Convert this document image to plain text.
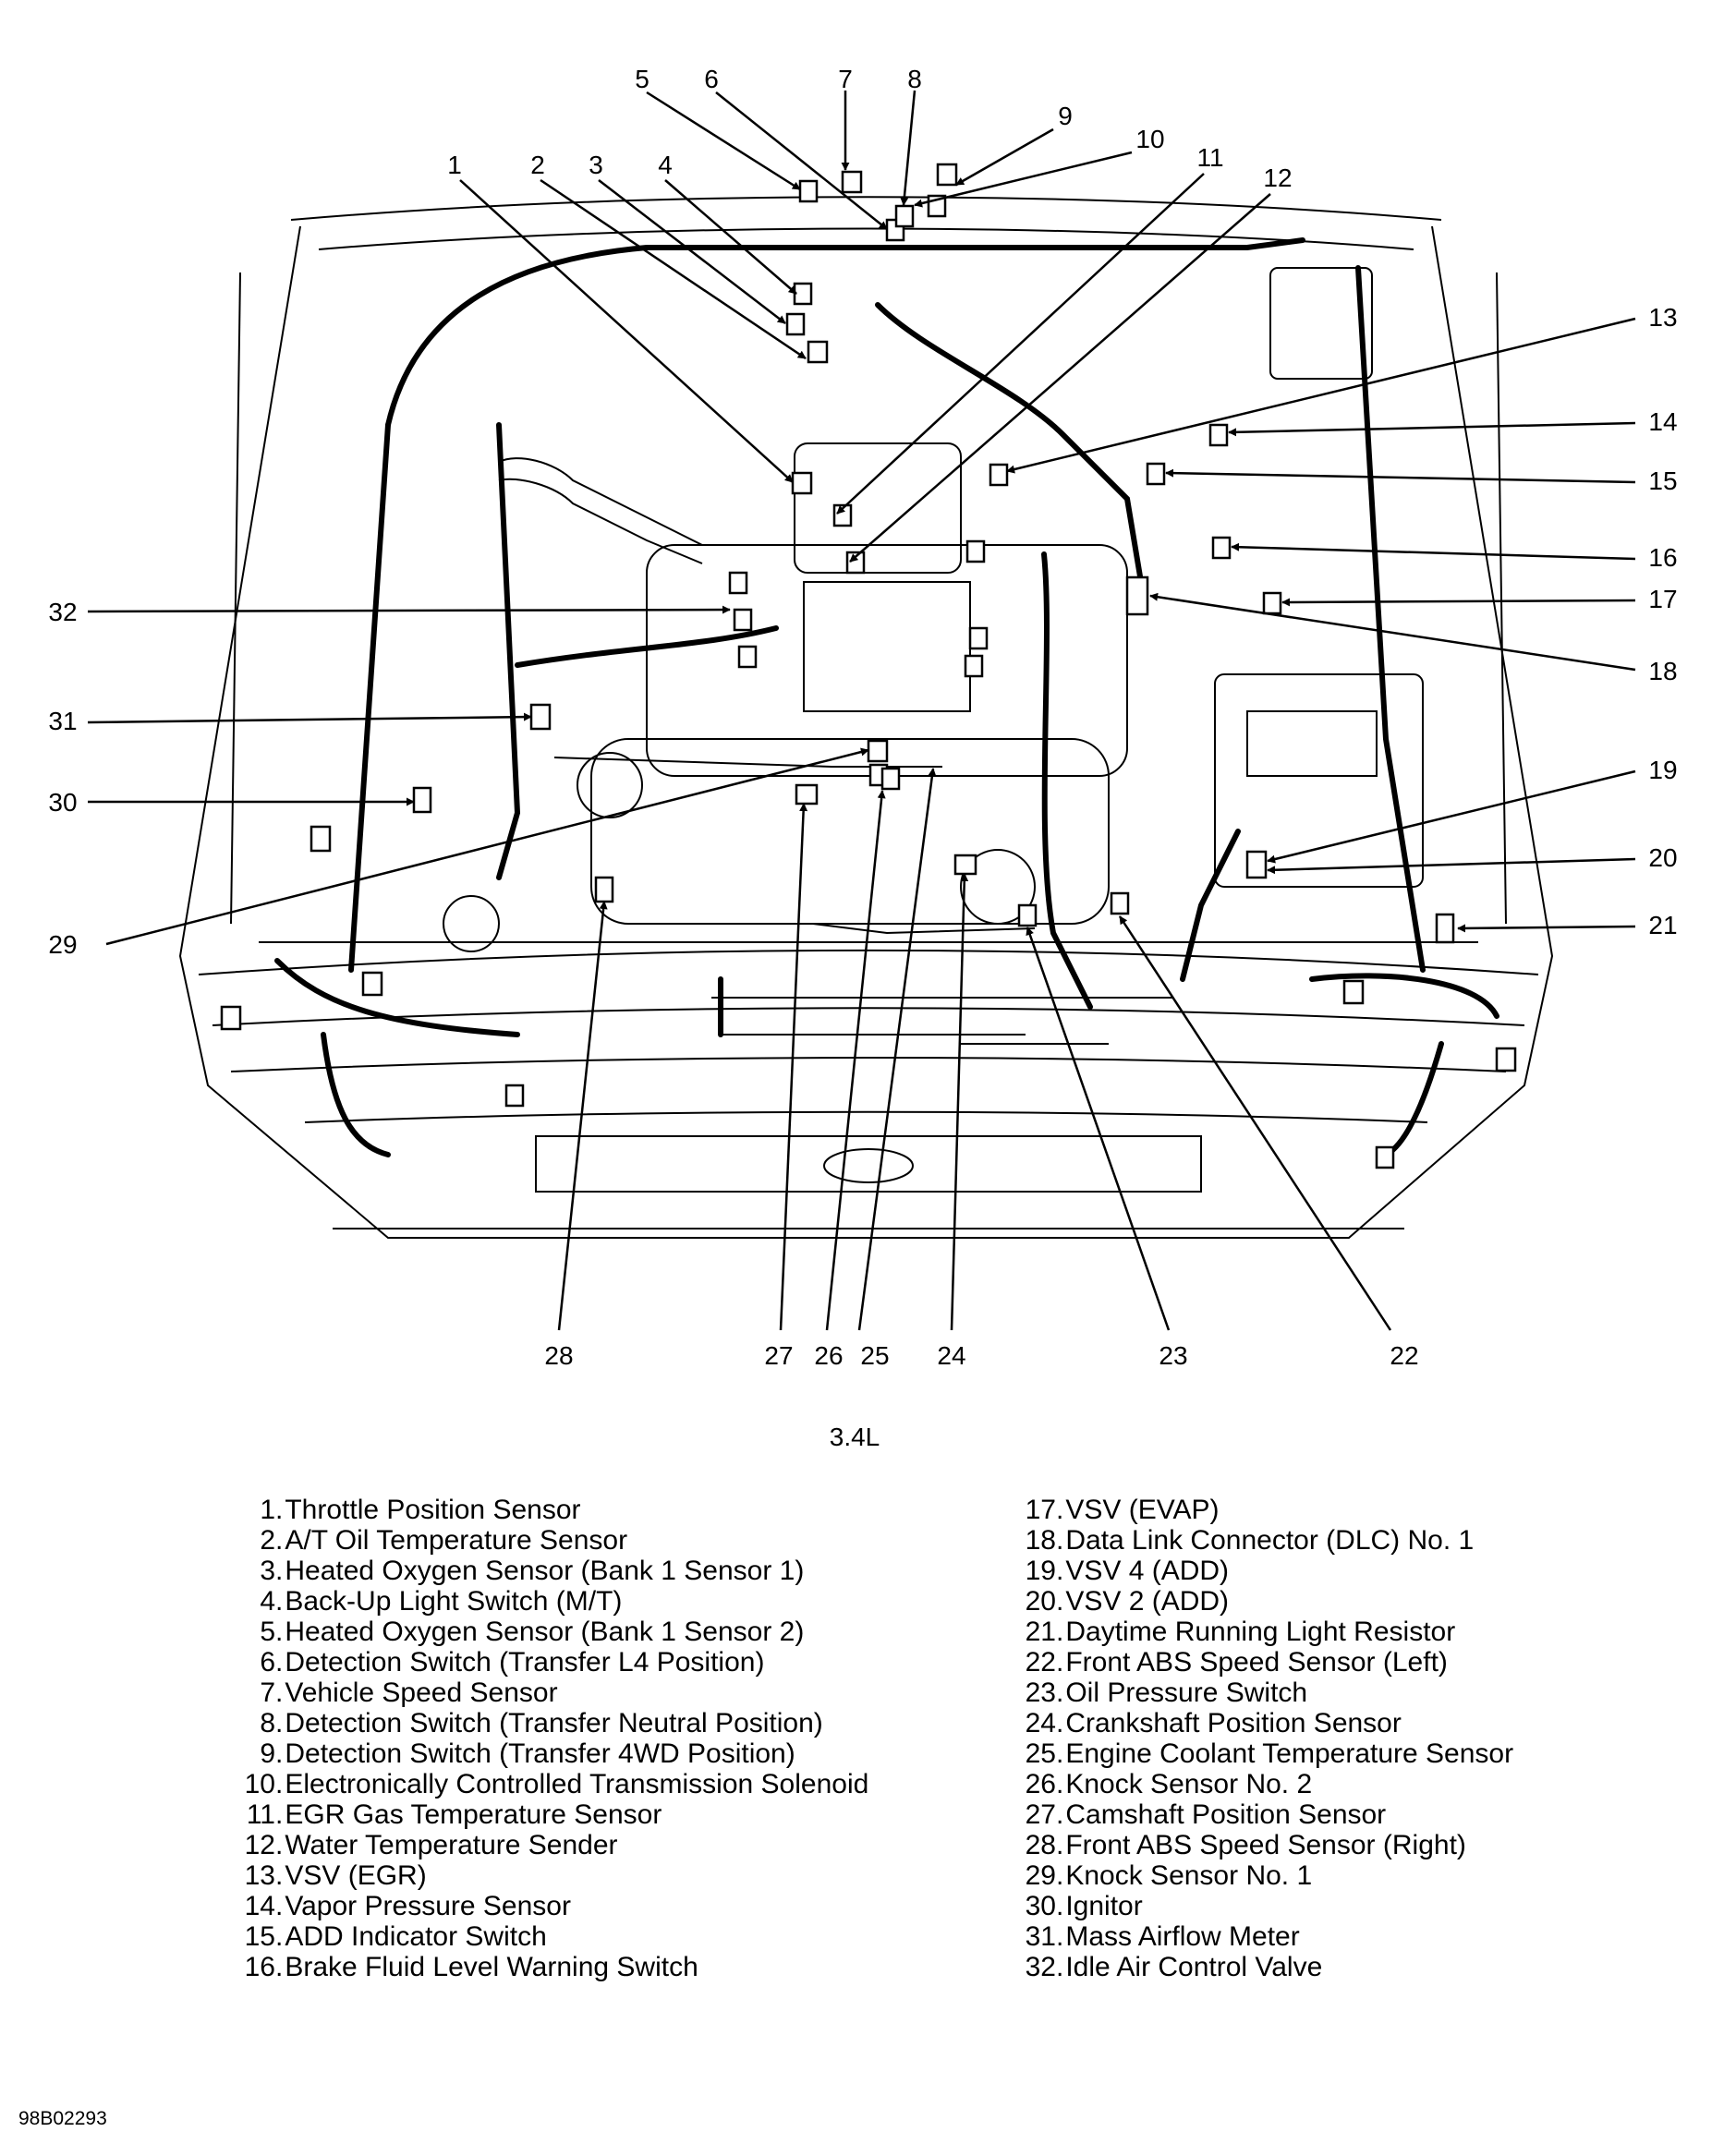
1	2 3 4
5 6	7 8
9
10
11
12
13
14
15
16
17
18
19
20
21
22
23
24
25
26
27
28
29
30
31
32
3.4L
1 . Throttle Position Sensor
2 . A/T Oil Temperature Sensor
3 . Heated Oxygen Sensor (Bank 1 Sensor 1)
4 . Back-Up Light Switch (M/T)
5 . Heated Oxygen Sensor (Bank 1 Sensor 2)
6 . Detection Switch (Transfer L4 Position)
7 . Vehicle Speed Sensor
8 . Detection Switch (Transfer Neutral Position)
9 . Detection Switch (Transfer 4WD Position)
10 . Electronically Controlled Transmission Solenoid
11 . EGR Gas Temperature Sensor
12 . Water Temperature Sender
13 . VSV (EGR)
14 . Vapor Pressure Sensor
15 . ADD Indicator Switch
16 . Brake Fluid Level Warning Switch
17 . VSV (EVAP)
18 . Data Link Connector (DLC) No. 1
19 . VSV 4 (ADD)
20 . VSV 2 (ADD)
21 . Daytime Running Light Resistor
22 . Front ABS Speed Sensor (Left)
23 . Oil Pressure Switch
24 . Crankshaft Position Sensor
25 . Engine Coolant Temperature Sensor
26 . Knock Sensor No. 2
27 . Camshaft Position Sensor
28 . Front ABS Speed Sensor (Right)
29 . Knock Sensor No. 1
30 . Ignitor
31 . Mass Airflow Meter
32 . Idle Air Control Valve
98B02293
